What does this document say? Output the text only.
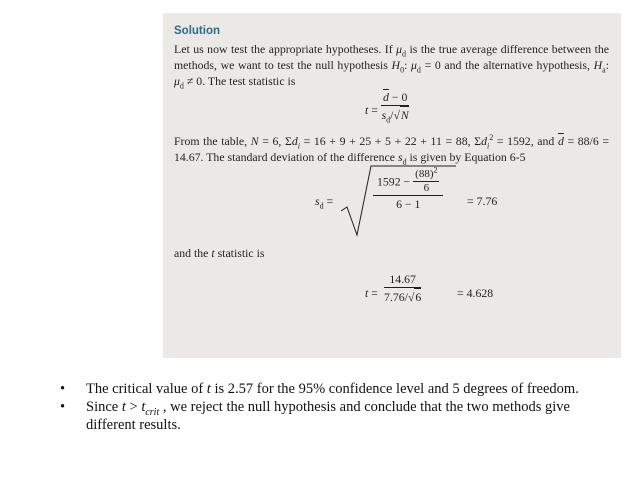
Solution

Let us now test the appropriate hypotheses. If $\mu_d$ is the true average difference between the methods, we want to test the null hypothesis $H_0$: $\mu_d = 0$ and the alternative hypothesis, $H_a$: $\mu_d \ne 0$. The test statistic is

$t = \frac{\overline{d} - 0}{s_d/√N}$

From the table, N = 6, $\Sigma d_i = 16 + 9 + 25 + 5 + 22 + 11 = 88$, $\Sigma d_i^2 = 1592$, and $\overline{d} = 88/6 = 14.67$. The standard deviation of the difference $s_d$ is given by Equation 6-5

$s_d$ =	$\frac{1592 - \frac{(88)^2}{6}}{6 - 1} = 7.76$

and the t statistic is

$t = \frac{14.67}{7.76/√6}$	= 4.628
• The critical value of t is 2.57 for the 95% confidence level and 5 degrees of freedom.
• Since $t > t_{crit}$ , we reject the null hypothesis and conclude that the two methods give different results.
